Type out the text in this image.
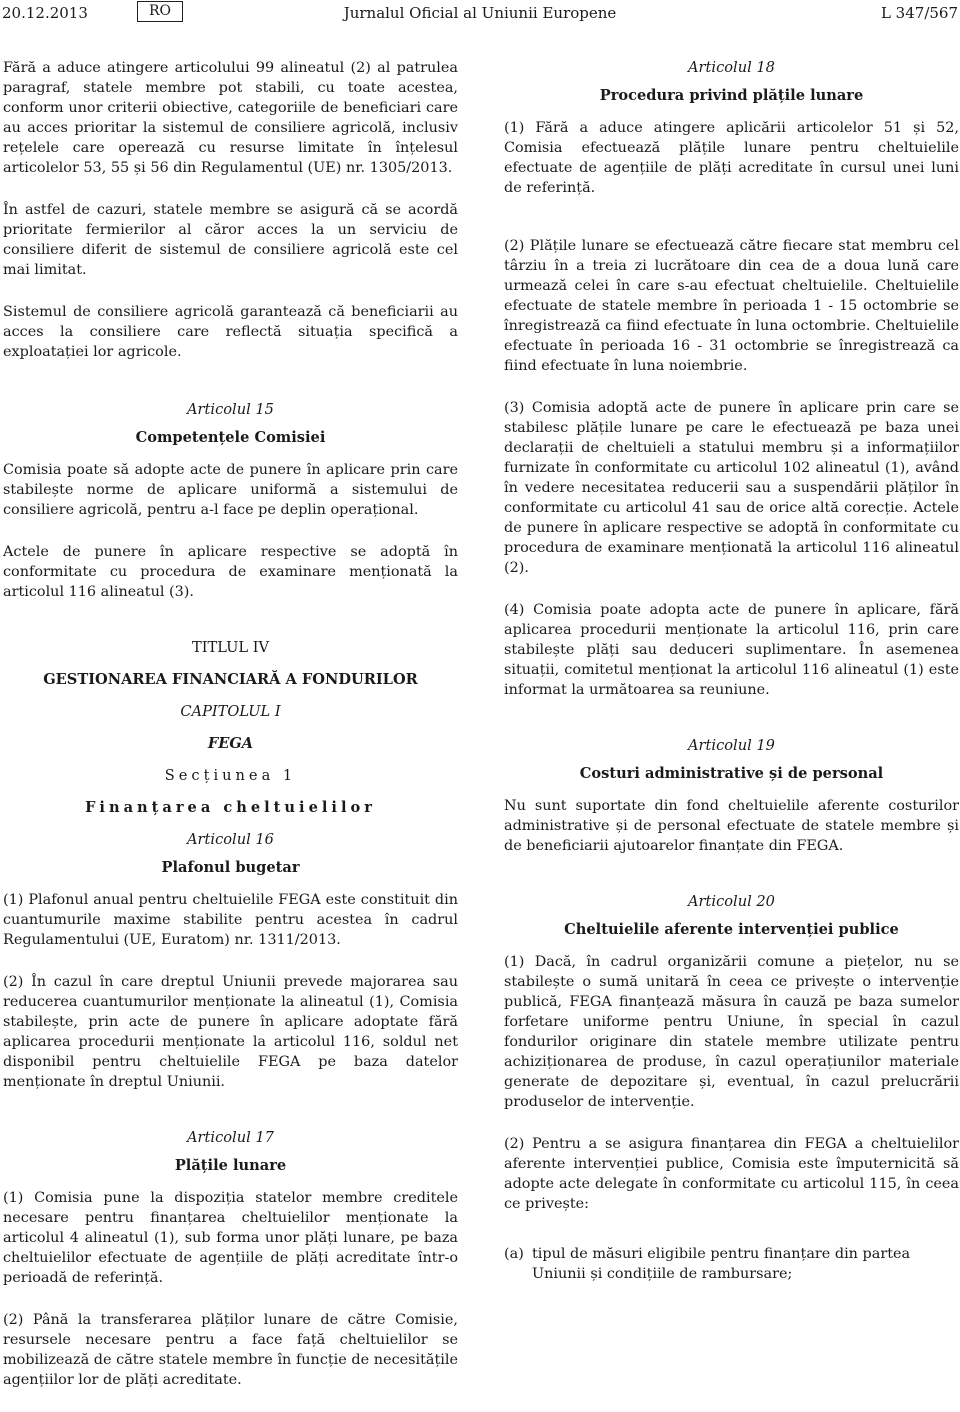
20.12.2013	RO	Jurnalul Oficial al Uniunii Europene	L 347/567

Fără a aduce atingere articolului 99 alineatul (2) al patrulea paragraf, statele membre pot stabili, cu toate acestea, conform unor criterii obiective, categoriile de beneficiari care au acces prioritar la sistemul de consiliere agricolă, inclusiv rețelele care operează cu resurse limitate în înțelesul articolelor 53, 55 și 56 din Regulamentul (UE) nr. 1305/2013.

În astfel de cazuri, statele membre se asigură că se acordă prioritate fermierilor al căror acces la un serviciu de consiliere diferit de sistemul de consiliere agricolă este cel mai limitat.

Sistemul de consiliere agricolă garantează că beneficiarii au acces la consiliere care reflectă situația specifică a exploatației lor agricole.

Articolul 15
Competențele Comisiei

Comisia poate să adopte acte de punere în aplicare prin care stabilește norme de aplicare uniformă a sistemului de consiliere agricolă, pentru a-l face pe deplin operațional.

Actele de punere în aplicare respective se adoptă în conformitate cu procedura de examinare menționată la articolul 116 alineatul (3).

TITLUL IV
GESTIONAREA FINANCIARĂ A FONDURILOR
CAPITOLUL I
FEGA
Secțiunea 1
Finanțarea cheltuielilor
Articolul 16
Plafonul bugetar

(1) Plafonul anual pentru cheltuielile FEGA este constituit din cuantumurile maxime stabilite pentru acestea în cadrul Regulamentului (UE, Euratom) nr. 1311/2013.

(2) În cazul în care dreptul Uniunii prevede majorarea sau reducerea cuantumurilor menționate la alineatul (1), Comisia stabilește, prin acte de punere în aplicare adoptate fără aplicarea procedurii menționate la articolul 116, soldul net disponibil pentru cheltuielile FEGA pe baza datelor menționate în dreptul Uniunii.

Articolul 17
Plățile lunare

(1) Comisia pune la dispoziția statelor membre creditele necesare pentru finanțarea cheltuielilor menționate la articolul 4 alineatul (1), sub forma unor plăți lunare, pe baza cheltuielilor efectuate de agențiile de plăți acreditate într-o perioadă de referință.

(2) Până la transferarea plăților lunare de către Comisie, resursele necesare pentru a face față cheltuielilor se mobilizează de către statele membre în funcție de necesitățile agențiilor lor de plăți acreditate.

Articolul 18
Procedura privind plățile lunare

(1) Fără a aduce atingere aplicării articolelor 51 și 52, Comisia efectuează plățile lunare pentru cheltuielile efectuate de agențiile de plăți acreditate în cursul unei luni de referință.

(2) Plățile lunare se efectuează către fiecare stat membru cel târziu în a treia zi lucrătoare din cea de a doua lună care urmează celei în care s-au efectuat cheltuielile. Cheltuielile efectuate de statele membre în perioada 1 - 15 octombrie se înregistrează ca fiind efectuate în luna octombrie. Cheltuielile efectuate în perioada 16 - 31 octombrie se înregistrează ca fiind efectuate în luna noiembrie.

(3) Comisia adoptă acte de punere în aplicare prin care se stabilesc plățile lunare pe care le efectuează pe baza unei declarații de cheltuieli a statului membru și a informațiilor furnizate în conformitate cu articolul 102 alineatul (1), având în vedere necesitatea reducerii sau a suspendării plăților în conformitate cu articolul 41 sau de orice altă corecție. Actele de punere în aplicare respective se adoptă în conformitate cu procedura de examinare menționată la articolul 116 alineatul (2).

(4) Comisia poate adopta acte de punere în aplicare, fără aplicarea procedurii menționate la articolul 116, prin care stabilește plăți sau deduceri suplimentare. În asemenea situații, comitetul menționat la articolul 116 alineatul (1) este informat la următoarea sa reuniune.

Articolul 19
Costuri administrative și de personal

Nu sunt suportate din fond cheltuielile aferente costurilor administrative și de personal efectuate de statele membre și de beneficiarii ajutoarelor finanțate din FEGA.

Articolul 20
Cheltuielile aferente intervenției publice

(1) Dacă, în cadrul organizării comune a piețelor, nu se stabilește o sumă unitară în ceea ce privește o intervenție publică, FEGA finanțează măsura în cauză pe baza sumelor forfetare uniforme pentru Uniune, în special în cazul fondurilor originare din statele membre utilizate pentru achiziționarea de produse, în cazul operațiunilor materiale generate de depozitare și, eventual, în cazul prelucrării produselor de intervenție.

(2) Pentru a se asigura finanțarea din FEGA a cheltuielilor aferente intervenției publice, Comisia este împuternicită să adopte acte delegate în conformitate cu articolul 115, în ceea ce privește:

(a) tipul de măsuri eligibile pentru finanțare din partea Uniunii și condițiile de rambursare;
